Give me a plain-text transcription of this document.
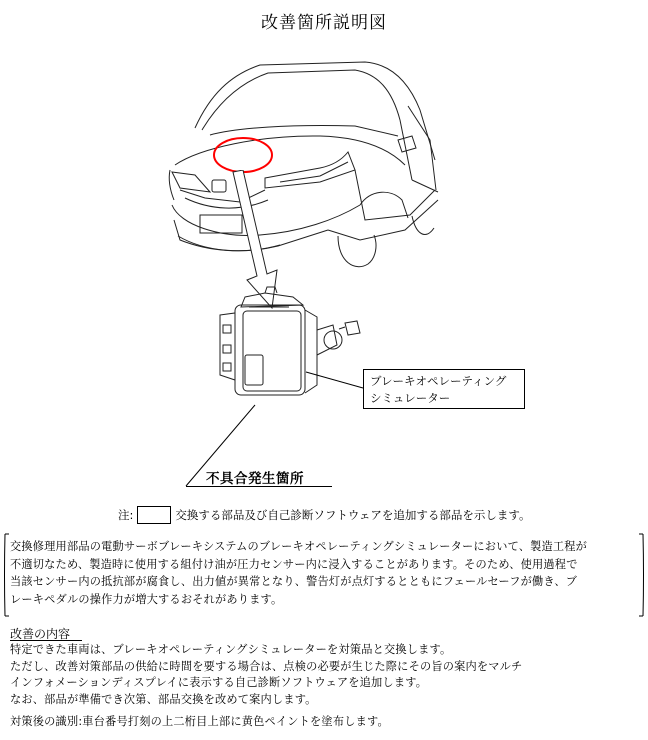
改善箇所説明図
ブレーキオペレーティング
シミュレーター
不具合発生箇所
注:	交換する部品及び自己診断ソフトウェアを追加する部品を示します。
交換修理用部品の電動サーボブレーキシステムのブレーキオペレーティングシミュレーターにおいて、製造工程が
不適切なため、製造時に使用する組付け油が圧力センサー内に浸入することがあります。そのため、使用過程で
当該センサー内の抵抗部が腐食し、出力値が異常となり、警告灯が点灯するとともにフェールセーフが働き、ブ
レーキペダルの操作力が増大するおそれがあります。
改善の内容
特定できた車両は、ブレーキオペレーティングシミュレーターを対策品と交換します。
ただし、改善対策部品の供給に時間を要する場合は、点検の必要が生じた際にその旨の案内をマルチ
インフォメーションディスプレイに表示する自己診断ソフトウェアを追加します。
なお、部品が準備でき次第、部品交換を改めて案内します。
対策後の識別:車台番号打刻の上二桁目上部に黄色ペイントを塗布します。
